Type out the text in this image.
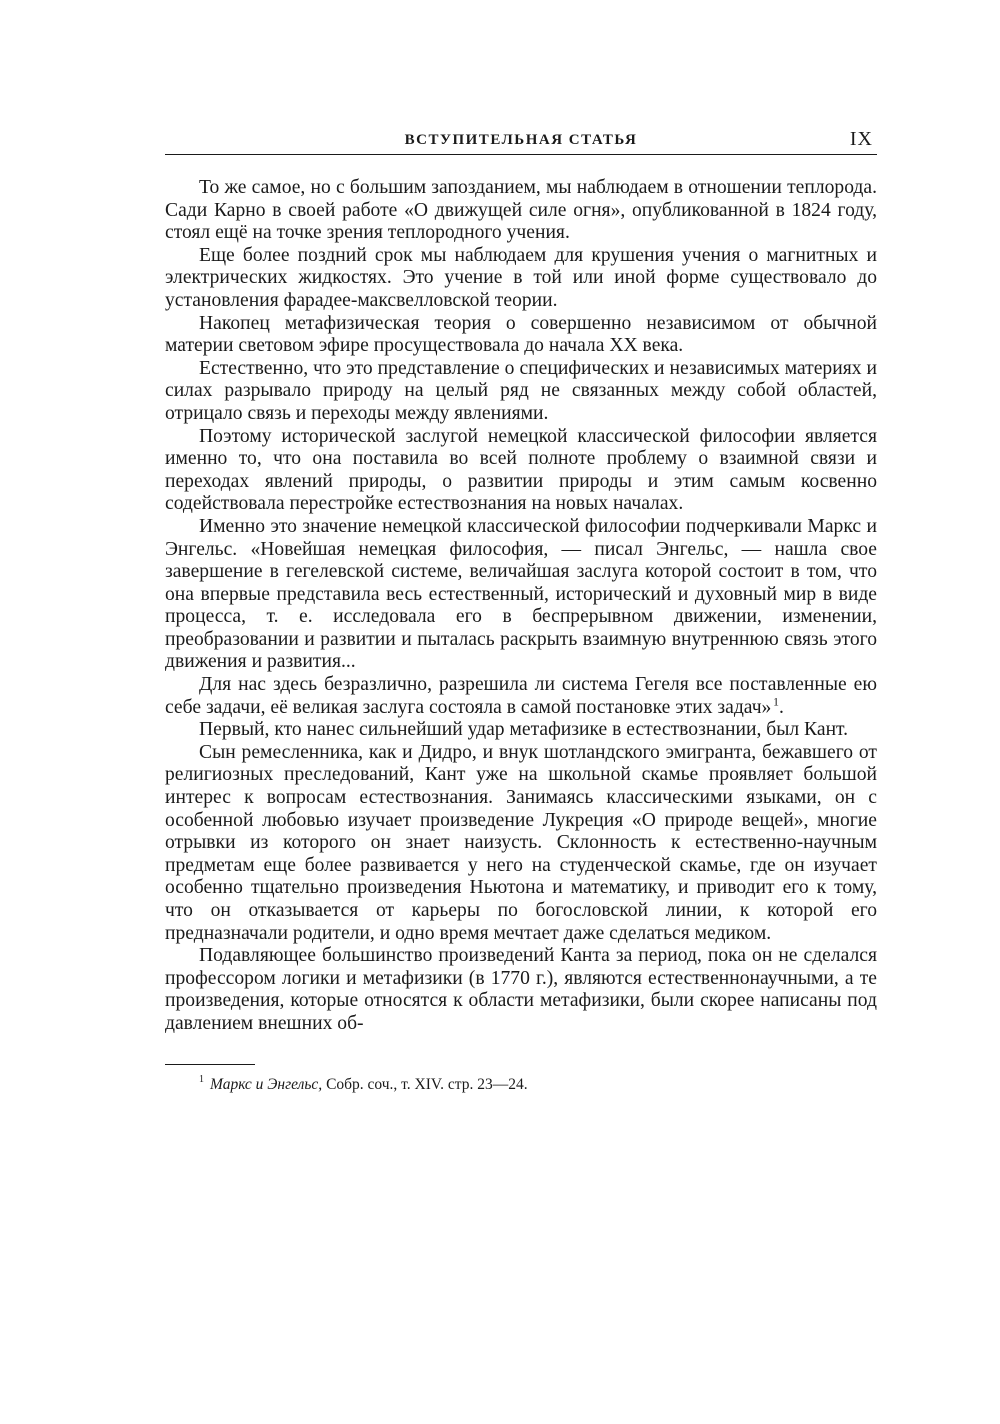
ВСТУПИТЕЛЬНАЯ СТАТЬЯ	IX

То же самое, но с большим запозданием, мы наблюдаем в отношении теплорода. Сади Карно в своей работе «О движущей силе огня», опубликованной в 1824 году, стоял ещё на точке зрения теплородного учения.

Еще более поздний срок мы наблюдаем для крушения учения о магнитных и электрических жидкостях. Это учение в той или иной форме существовало до установления фарадее-максвелловской теории.

Накопец метафизическая теория о совершенно независимом от обычной материи световом эфире просуществовала до начала XX века.

Естественно, что это представление о специфических и независимых материях и силах разрывало природу на целый ряд не связанных между собой областей, отрицало связь и переходы между явлениями.

Поэтому исторической заслугой немецкой классической философии является именно то, что она поставила во всей полноте проблему о взаимной связи и переходах явлений природы, о развитии природы и этим самым косвенно содействовала перестройке естествознания на новых началах.

Именно это значение немецкой классической философии подчеркивали Маркс и Энгельс. «Новейшая немецкая философия, — писал Энгельс, — нашла свое завершение в гегелевской системе, величайшая заслуга которой состоит в том, что она впервые представила весь естественный, исторический и духовный мир в виде процесса, т. е. исследовала его в беспрерывном движении, изменении, преобразовании и развитии и пыталась раскрыть взаимную внутреннюю связь этого движения и развития...

Для нас здесь безразлично, разрешила ли система Гегеля все поставленные ею себе задачи, её великая заслуга состояла в самой постановке этих задач»  $^1$.

Первый, кто нанес сильнейший удар метафизике в естествознании, был Кант.

Сын ремесленника, как и Дидро, и внук шотландского эмигранта, бежавшего от религиозных преследований, Кант уже на школьной скамье проявляет большой интерес к вопросам естествознания. Занимаясь классическими языками, он с особенной любовью изучает произведение Лукреция «О природе вещей», многие отрывки из которого он знает наизусть. Склонность к естественно-научным предметам еще более развивается у него на студенческой скамье, где он изучает особенно тщательно произведения Ньютона и математику, и приводит его к тому, что он отказывается от карьеры по богословской линии, к которой его предназначали родители, и одно время мечтает даже сделаться медиком.

Подавляющее большинство произведений Канта за период, пока он не сделался профессором логики и метафизики (в 1770 г.), являются естественнонаучными, а те произведения, которые относятся к области метафизики, были скорее написаны под давлением внешних об-

$^1$ Маркс и Энгельс, Собр. соч., т. XIV. стр. 23—24.
